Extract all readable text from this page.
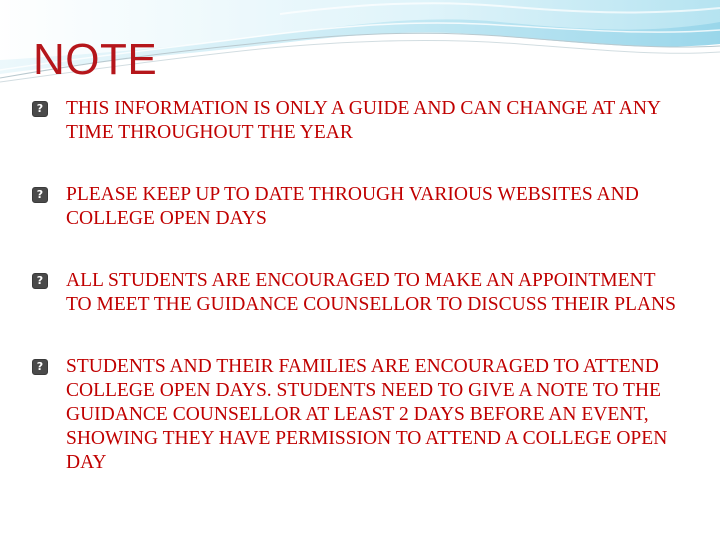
NOTE
? THIS INFORMATION IS ONLY A GUIDE AND CAN CHANGE AT ANY TIME THROUGHOUT THE YEAR
? PLEASE KEEP UP TO DATE THROUGH VARIOUS WEBSITES AND COLLEGE OPEN DAYS
? ALL STUDENTS ARE ENCOURAGED TO MAKE AN APPOINTMENT TO MEET THE GUIDANCE COUNSELLOR TO DISCUSS THEIR PLANS
? STUDENTS AND THEIR FAMILIES ARE ENCOURAGED TO ATTEND COLLEGE OPEN DAYS. STUDENTS NEED TO GIVE A NOTE TO THE GUIDANCE COUNSELLOR AT LEAST 2 DAYS BEFORE AN EVENT, SHOWING THEY HAVE PERMISSION TO ATTEND A COLLEGE OPEN DAY
